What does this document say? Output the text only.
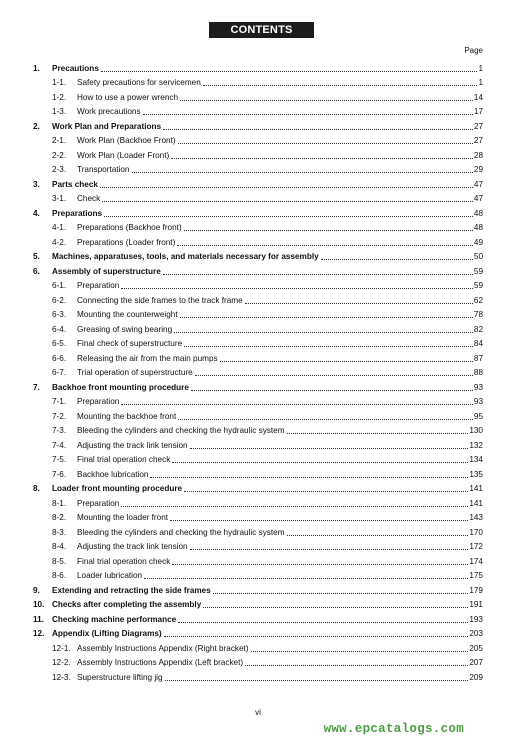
CONTENTS
Page
1.	Precautions	1
1-1.	Safety precautions for servicemen	1
1-2.	How to use a power wrench	14
1-3.	Work precautions	17
2.	Work Plan and Preparations	27
2-1.	Work Plan (Backhoe Front)	27
2-2.	Work Plan (Loader Front)	28
2-3.	Transportation	29
3.	Parts check	47
3-1.	Check	47
4.	Preparations	48
4-1.	Preparations (Backhoe front)	48
4-2.	Preparations (Loader front)	49
5.	Machines, apparatuses, tools, and materials necessary for assembly	50
6.	Assembly of superstructure	59
6-1.	Preparation	59
6-2.	Connecting the side frames to the track frame	62
6-3.	Mounting the counterweight	78
6-4.	Greasing of swing bearing	82
6-5.	Final check of superstructure	84
6-6.	Releasing the air from the main pumps	87
6-7.	Trial operation of superstructure	88
7.	Backhoe front mounting procedure	93
7-1.	Preparation	93
7-2.	Mounting the backhoe front	95
7-3.	Bleeding the cylinders and checking the hydraulic system	130
7-4.	Adjusting the track link tension	132
7-5.	Final trial operation check	134
7-6.	Backhoe lubrication	135
8.	Loader front mounting procedure	141
8-1.	Preparation	141
8-2.	Mounting the loader front	143
8-3.	Bleeding the cylinders and checking the hydraulic system	170
8-4.	Adjusting the track link tension	172
8-5.	Final trial operation check	174
8-6.	Loader lubrication	175
9.	Extending and retracting the side frames	179
10. Checks after completing the assembly	191
11. Checking machine performance	193
12. Appendix (Lifting Diagrams)	203
12-1. Assembly Instructions Appendix (Right bracket)	205
12-2. Assembly Instructions Appendix (Left bracket)	207
12-3. Superstructure lifting jig	209
vi
www.epcatalogs.com
